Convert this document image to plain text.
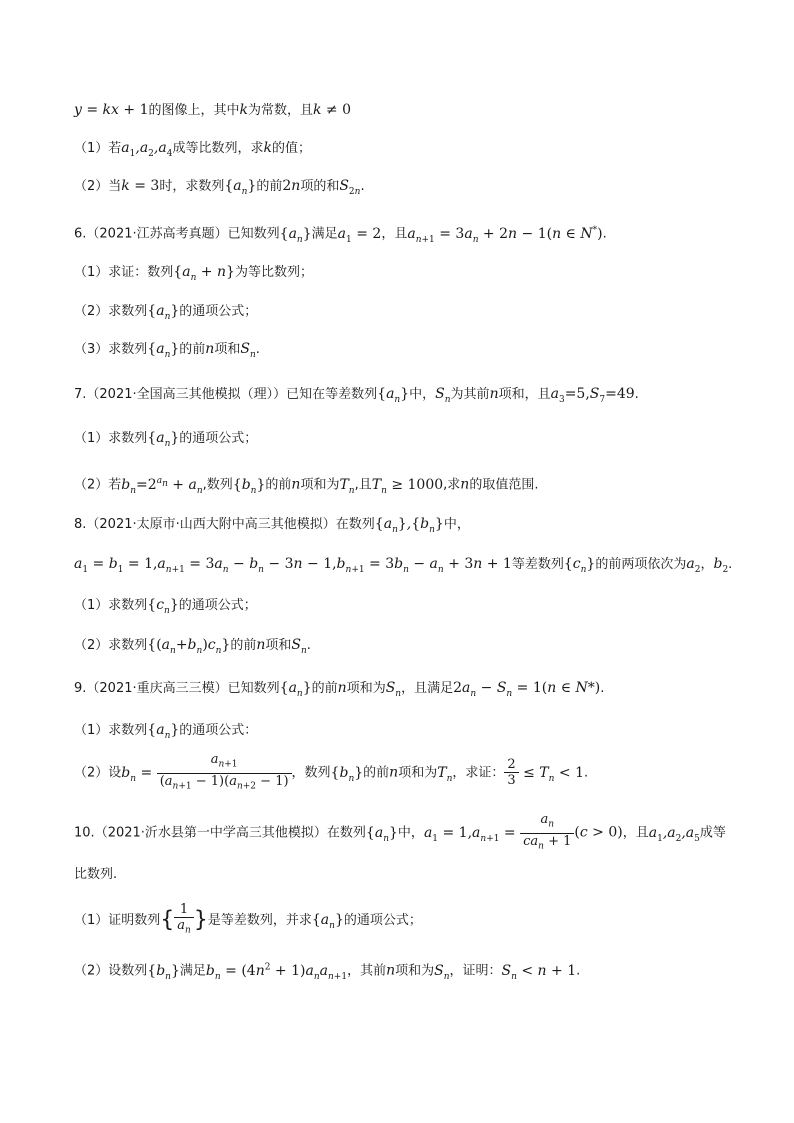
y = kx + 1的图像上，其中k为常数，且k ≠ 0
（1）若$a_1,a_2,a_4$成等比数列，求k的值；
（2）当k = 3时，求数列$\{a_n\}$的前2n项的和$S_{2n}$.
6.（2021·江苏高考真题）已知数列$\{a_n\}$满足$a_1 = 2$，且$a_{n+1} = 3a_n + 2n - 1(n$ ∈ N*).
（1）求证：数列$\{a_n + n\}$为等比数列；
（2）求数列$\{a_n\}$的通项公式；
（3）求数列$\{a_n\}$的前n项和$S_n$.
7.（2021·全国高三其他模拟（理））已知在等差数列$\{a_n\}$中，$S_n$为其前n项和，且$a_3=5,S_7=49$.
（1）求数列$\{a_n\}$的通项公式；
（2）若$b_n=2^{a_n} + a_n$,数列$\{b_n\}$的前n项和为$T_n$,且$T_n \ge 1000$,求n的取值范围.
8.（2021·太原市·山西大附中高三其他模拟）在数列$\{a_n\},\{b_n\}$中，
$a_1 = b_1 = 1,a_{n+1} = 3a_n - b_n - 3n - 1,b_{n+1} = 3b_n - a_n + 3n + 1$等差数列$\{c_n\}$的前两项依次为$a_2$，$b_2$.
（1）求数列$\{c_n\}$的通项公式；
（2）求数列$\{(a_n+b_n)c_n\}$的前n项和$S_n$.
9.（2021·重庆高三三模）已知数列$\{a_n\}$的前n项和为$S_n$，且满足$2a_n - S_n = 1(n$ ∈ N*).
（1）求数列$\{a_n\}$的通项公式：
（2）设$b_n = \frac{a_{n+1}}{(a_{n+1} - 1)(a_{n+2} - 1)}$ ，数列$\{b_n\}$的前n项和为$T_n$，求证： $\frac{2}{3} \le T_n < 1$.
10.（2021·沂水县第一中学高三其他模拟）在数列$\{a_n\}$中，$a_1 = 1,a_{n+1} = \frac{a_n}{ca_n + 1} (c > 0)$，且$a_1,a_2,a_5$成等
比数列.
（1）证明数列{ $\frac{1}{a_n}$ }是等差数列，并求$\{a_n\}$的通项公式；
（2）设数列$\{b_n\}$满足$b_n = (4n^2 + 1)a_na_{n+1}$，其前n项和为$S_n$，证明：$S_n < n + 1$.
